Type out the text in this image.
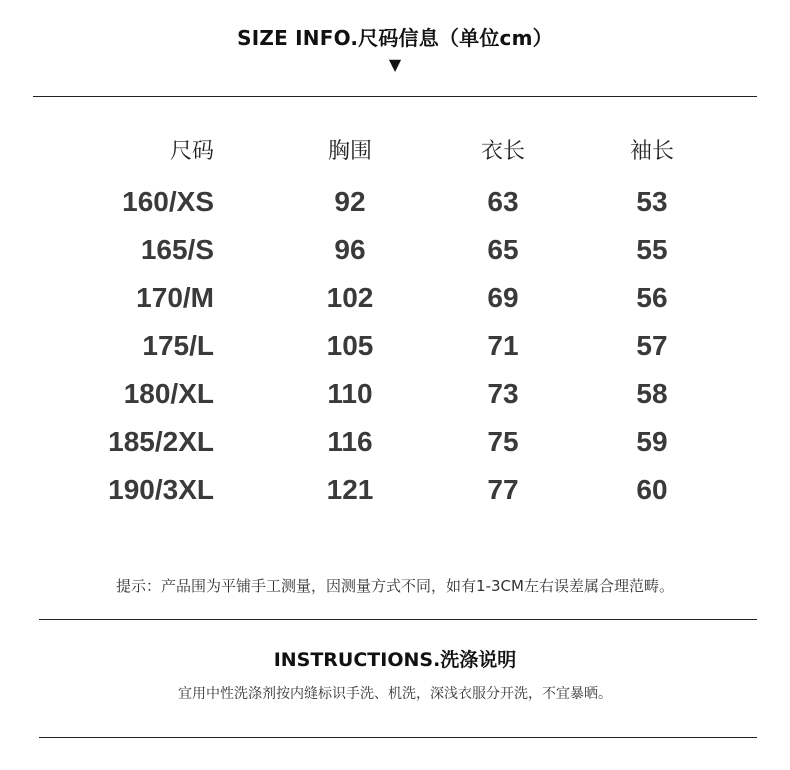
SIZE INFO.尺码信息（单位cm）
▼
尺码	胸围	衣长	袖长
160/XS	92	63	53
165/S	96	65	55
170/M	102	69	56
175/L	105	71	57
180/XL	110	73	58
185/2XL	116	75	59
190/3XL	121	77	60
提示：产品围为平铺手工测量，因测量方式不同，如有1-3CM左右误差属合理范畴。
INSTRUCTIONS.洗涤说明
宜用中性洗涤剂按内缝标识手洗、机洗，深浅衣服分开洗，不宜暴晒。
